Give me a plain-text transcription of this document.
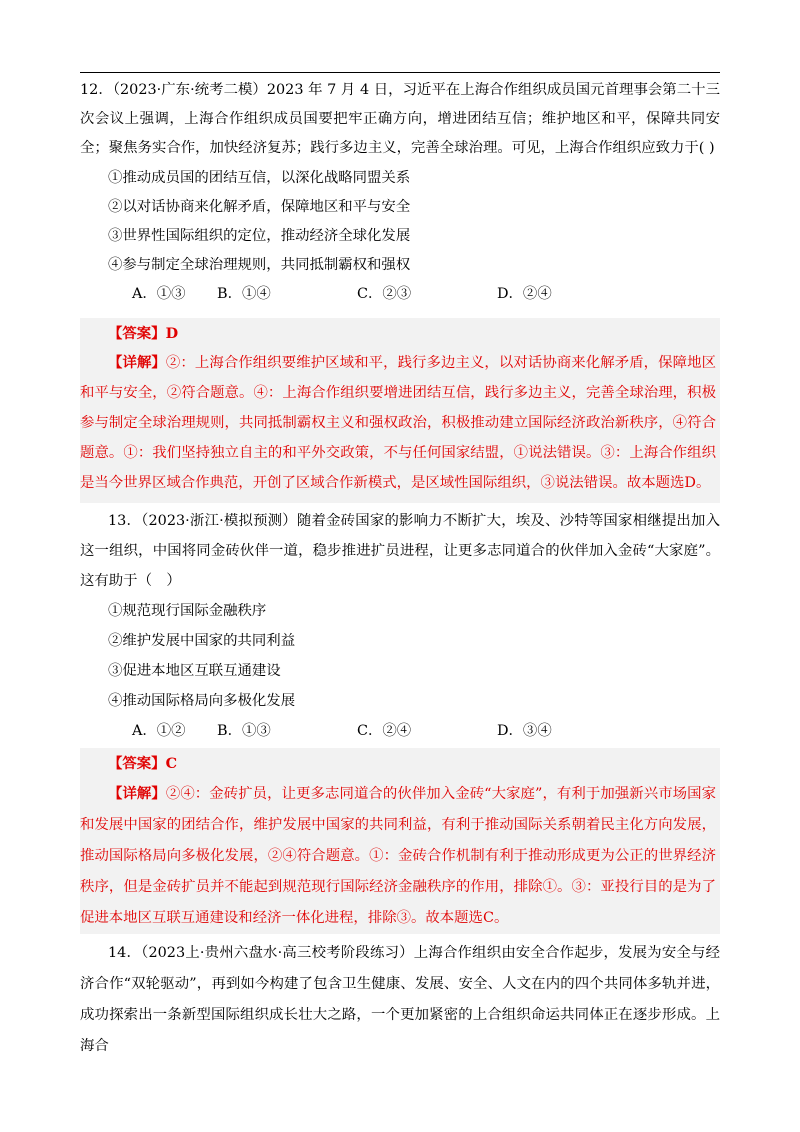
12．（2023·广东·统考二模）2023 年 7 月 4 日，习近平在上海合作组织成员国元首理事会第二十三次会议上强调，上海合作组织成员国要把牢正确方向，增进团结互信；维护地区和平，保障共同安全；聚焦务实合作，加快经济复苏；践行多边主义，完善全球治理。可见，上海合作组织应致力于( )

①推动成员国的团结互信，以深化战略同盟关系

②以对话协商来化解矛盾，保障地区和平与安全

③世界性国际组织的定位，推动经济全球化发展

④参与制定全球治理规则，共同抵制霸权和强权

A．①③ B．①④	C．②③	D．②④

【答案】D

【详解】②：上海合作组织要维护区域和平，践行多边主义，以对话协商来化解矛盾，保障地区和平与安全，②符合题意。④：上海合作组织要增进团结互信，践行多边主义，完善全球治理，积极参与制定全球治理规则，共同抵制霸权主义和强权政治，积极推动建立国际经济政治新秩序，④符合题意。①：我们坚持独立自主的和平外交政策，不与任何国家结盟，①说法错误。③：上海合作组织是当今世界区域合作典范，开创了区域合作新模式，是区域性国际组织，③说法错误。故本题选D。

13．（2023·浙江·模拟预测）随着金砖国家的影响力不断扩大，埃及、沙特等国家相继提出加入这一组织，中国将同金砖伙伴一道，稳步推进扩员进程，让更多志同道合的伙伴加入金砖“大家庭”。这有助于（　）

①规范现行国际金融秩序

②维护发展中国家的共同利益

③促进本地区互联互通建设

④推动国际格局向多极化发展

A．①② B．①③	C．②④	D．③④

【答案】C

【详解】②④：金砖扩员，让更多志同道合的伙伴加入金砖“大家庭”，有利于加强新兴市场国家和发展中国家的团结合作，维护发展中国家的共同利益，有利于推动国际关系朝着民主化方向发展，推动国际格局向多极化发展，②④符合题意。①：金砖合作机制有利于推动形成更为公正的世界经济秩序，但是金砖扩员并不能起到规范现行国际经济金融秩序的作用，排除①。③：亚投行目的是为了促进本地区互联互通建设和经济一体化进程，排除③。故本题选C。

14．（2023上·贵州六盘水·高三校考阶段练习）上海合作组织由安全合作起步，发展为安全与经济合作“双轮驱动”，再到如今构建了包含卫生健康、发展、安全、人文在内的四个共同体多轨并进，成功探索出一条新型国际组织成长壮大之路，一个更加紧密的上合组织命运共同体正在逐步形成。上海合
